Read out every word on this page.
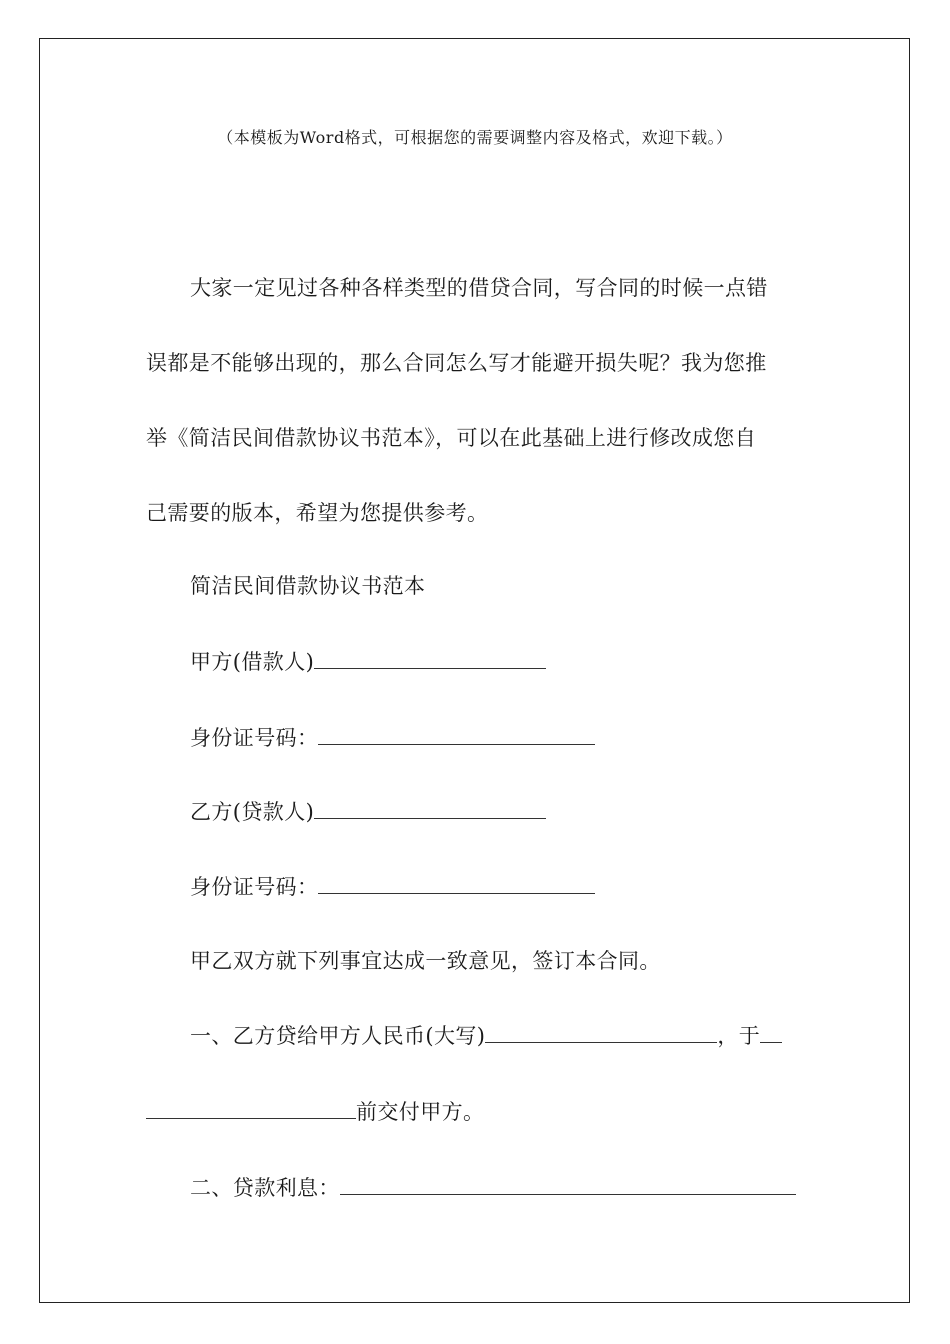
（本模板为Word格式，可根据您的需要调整内容及格式，欢迎下载。）
大家一定见过各种各样类型的借贷合同，写合同的时候一点错
误都是不能够出现的，那么合同怎么写才能避开损失呢？我为您推
举《简洁民间借款协议书范本》，可以在此基础上进行修改成您自
己需要的版本，希望为您提供参考。
简洁民间借款协议书范本
甲方(借款人)
身份证号码：
乙方(贷款人)
身份证号码：
甲乙双方就下列事宜达成一致意见，签订本合同。
一、乙方贷给甲方人民币(大写)	，于
前交付甲方。
二、贷款利息：
